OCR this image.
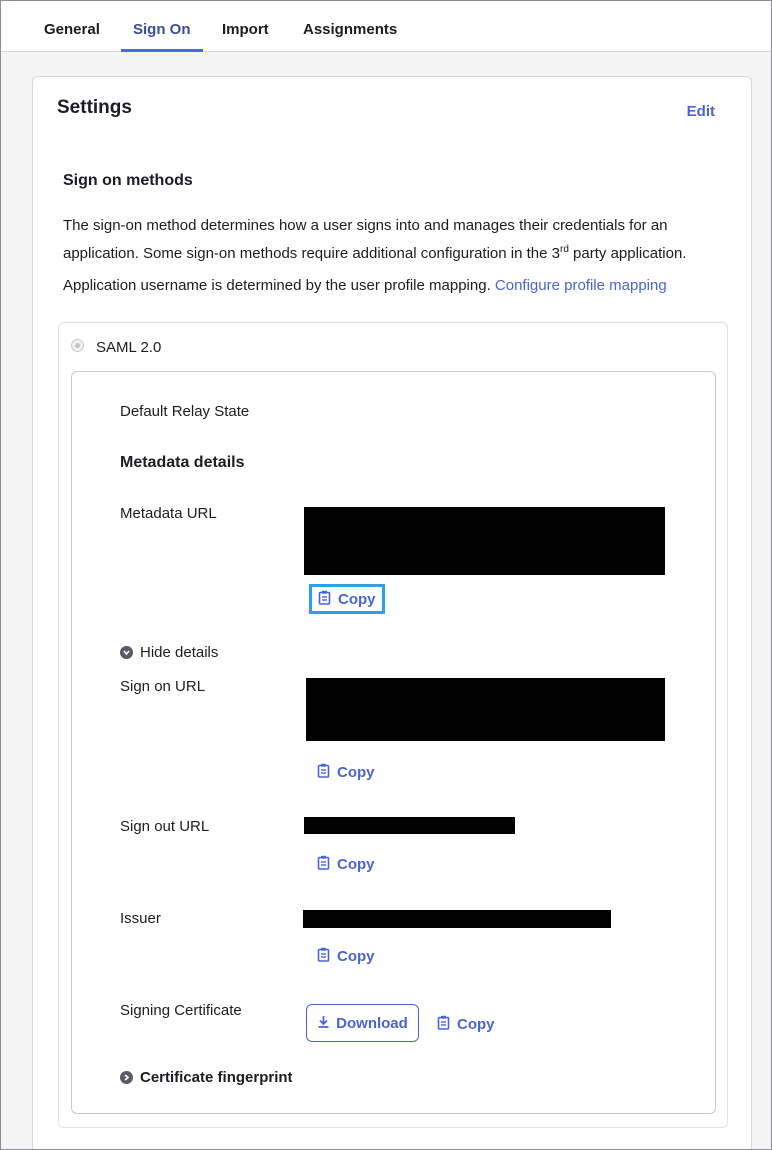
General Sign On Import Assignments
Settings	Edit
Sign on methods
The sign-on method determines how a user signs into and manages their credentials for an application. Some sign-on methods require additional configuration in the 3rd party application.
Application username is determined by the user profile mapping. Configure profile mapping
SAML 2.0
Default Relay State
Metadata details
Metadata URL
Copy
Hide details
Sign on URL
Copy
Sign out URL
Copy
Issuer
Copy
Signing Certificate
Download	Copy
Certificate fingerprint
